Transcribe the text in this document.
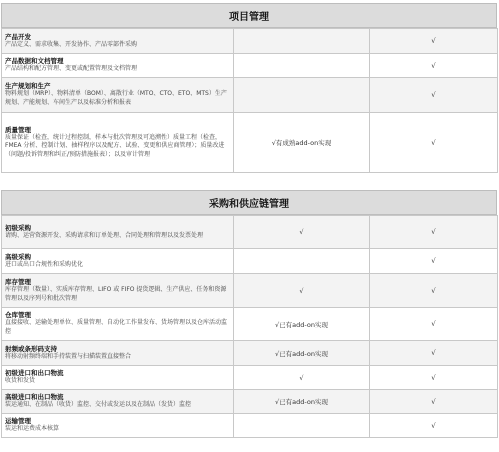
项目管理
产品开发
产品定义、需求收集、开发协作、产品零部件采购		√

产品数据和文档管理
产品结构和配方管理、变更或配置管理及文档管理		√

生产规划和生产
物料规划（MRP）、物料清单（BOM）、离散行业（MTO、CTO、ETO、MTS）生产规划、产能规划、车间生产以及标准分析和报表		√

质量管理
质量保证（检查，统计过程控制，样本与批次管理及可追溯性）质量工程（检查，FMEA 分析、控制计划、抽样程序以及配方、试验、变更和供应商管理）；质量改进（问题/投诉管理和纠正/预防措施报表）；以及审计管理	√有成熟add-on实现	√
采购和供应链管理
初级采购
请购、运营资源开发、采购请求和订单处理、合同处理和管理以及发票处理	√	√

高级采购
进口或出口合规性和采购优化		√

库存管理
库存管理（数量）、实质库存管理、LIFO 或 FIFO 提货逻辑、生产供应、任务和资源管理以及序列号和批次管理	√	√

仓库管理
直接接收、运输处理单位、质量管理、自动化工作量发布、货场管理以及仓库活动监控	√已有add-on实现	√

射频或条形码支持
将移动射频终端和手持装置与扫描装置直接整合	√已有add-on实现	√

初级进口和出口物流
收货和发货	√	√

高级进口和出口物流
装运通知、在制品（收货）监控、交付或发运以及在制品（发货）监控	√已有add-on实现	√

运输管理
装运和运费成本核算		√
